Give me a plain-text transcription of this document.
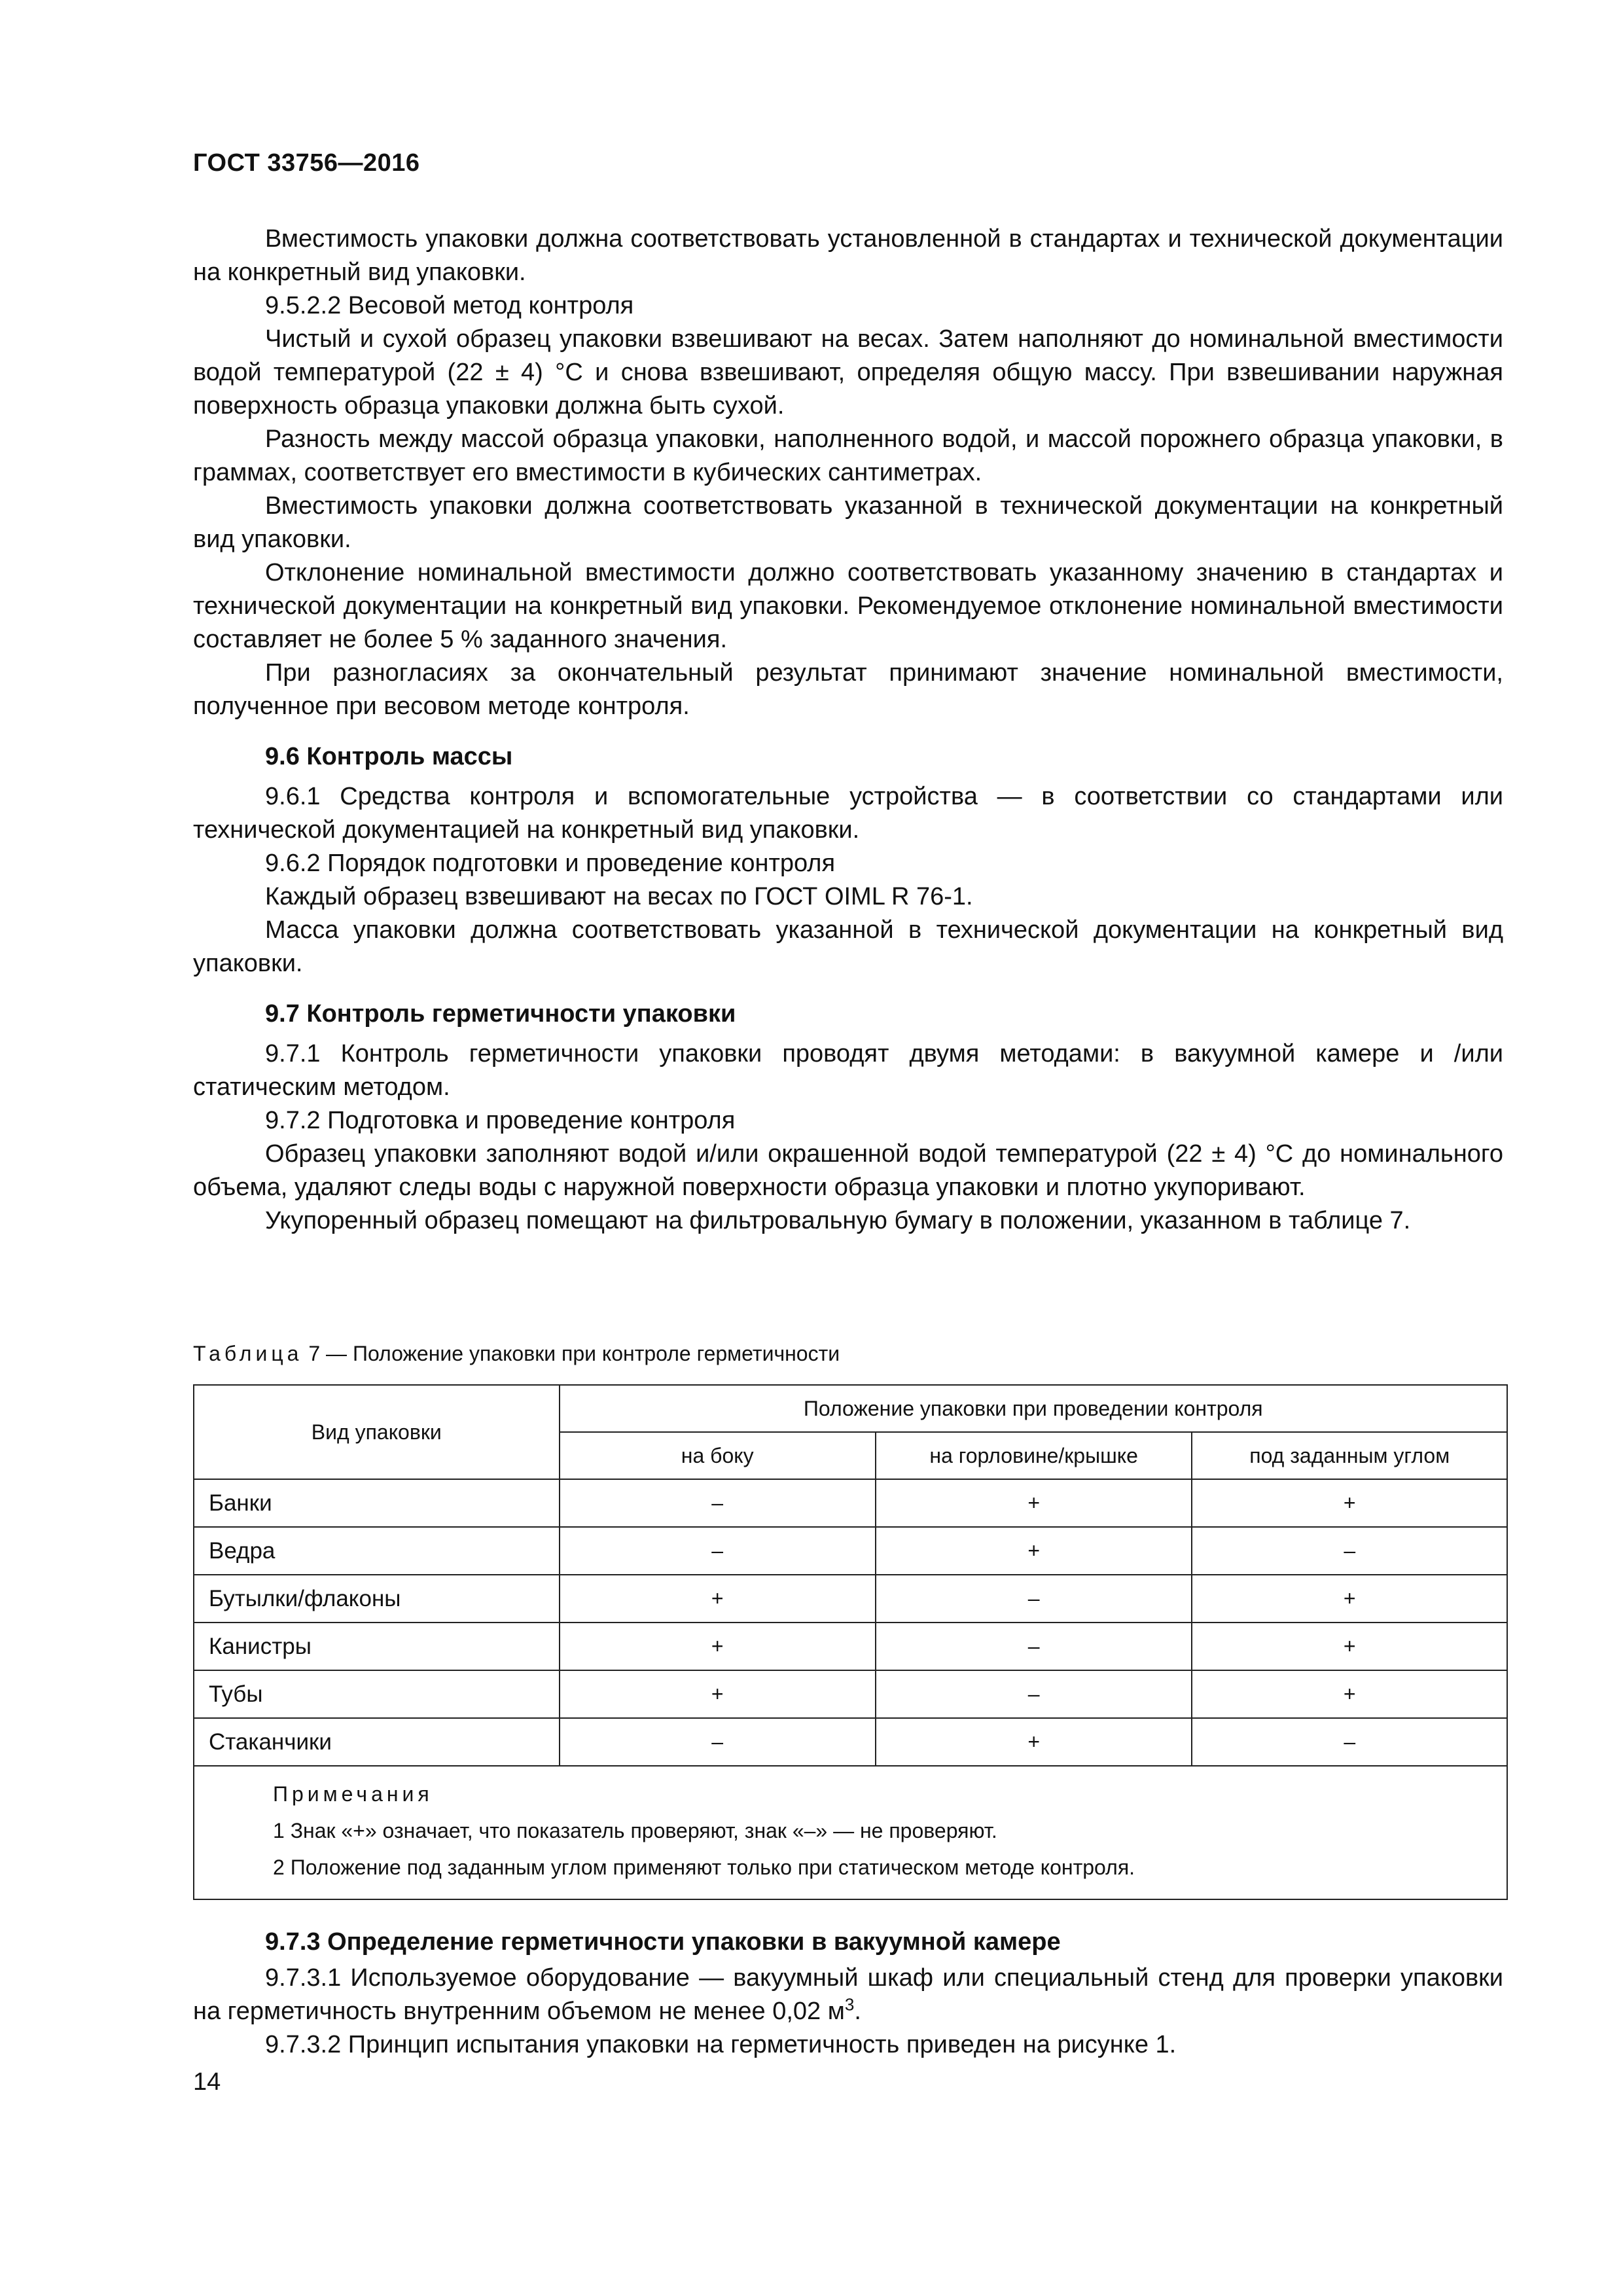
ГОСТ 33756—2016

Вместимость упаковки должна соответствовать установленной в стандартах и технической документации на конкретный вид упаковки.

9.5.2.2 Весовой метод контроля

Чистый и сухой образец упаковки взвешивают на весах. Затем наполняют до номинальной вместимости водой температурой (22 ± 4) °С и снова взвешивают, определяя общую массу. При взвешивании наружная поверхность образца упаковки должна быть сухой.

Разность между массой образца упаковки, наполненного водой, и массой порожнего образца упаковки, в граммах, соответствует его вместимости в кубических сантиметрах.

Вместимость упаковки должна соответствовать указанной в технической документации на конкретный вид упаковки.

Отклонение номинальной вместимости должно соответствовать указанному значению в стандартах и технической документации на конкретный вид упаковки. Рекомендуемое отклонение номинальной вместимости составляет не более 5 % заданного значения.

При разногласиях за окончательный результат принимают значение номинальной вместимости, полученное при весовом методе контроля.

9.6 Контроль массы

9.6.1 Средства контроля и вспомогательные устройства — в соответствии со стандартами или технической документацией на конкретный вид упаковки.

9.6.2 Порядок подготовки и проведение контроля

Каждый образец взвешивают на весах по ГОСТ OIML R 76-1.

Масса упаковки должна соответствовать указанной в технической документации на конкретный вид упаковки.

9.7 Контроль герметичности упаковки

9.7.1 Контроль герметичности упаковки проводят двумя методами: в вакуумной камере и /или статическим методом.

9.7.2 Подготовка и проведение контроля

Образец упаковки заполняют водой и/или окрашенной водой температурой (22 ± 4) °С до номинального объема, удаляют следы воды с наружной поверхности образца упаковки и плотно укупоривают.

Укупоренный образец помещают на фильтровальную бумагу в положении, указанном в таблице 7.

Таблица 7 — Положение упаковки при контроле герметичности
Вид упаковки	Положение упаковки при проведении контроля		
	на боку	на горловине/крышке	под заданным углом
Банки	–	+	+
Ведра	–	+	–
Бутылки/флаконы	+	–	+
Канистры	+	–	+
Тубы	+	–	+
Стаканчики	–	+	–

Примечания
1 Знак «+» означает, что показатель проверяют, знак «–» — не проверяют.
2 Положение под заданным углом применяют только при статическом методе контроля.			
9.7.3 Определение герметичности упаковки в вакуумной камере

9.7.3.1 Используемое оборудование — вакуумный шкаф или специальный стенд для проверки упаковки на герметичность внутренним объемом не менее 0,02 $м^3$.

9.7.3.2 Принцип испытания упаковки на герметичность приведен на рисунке 1.

14
